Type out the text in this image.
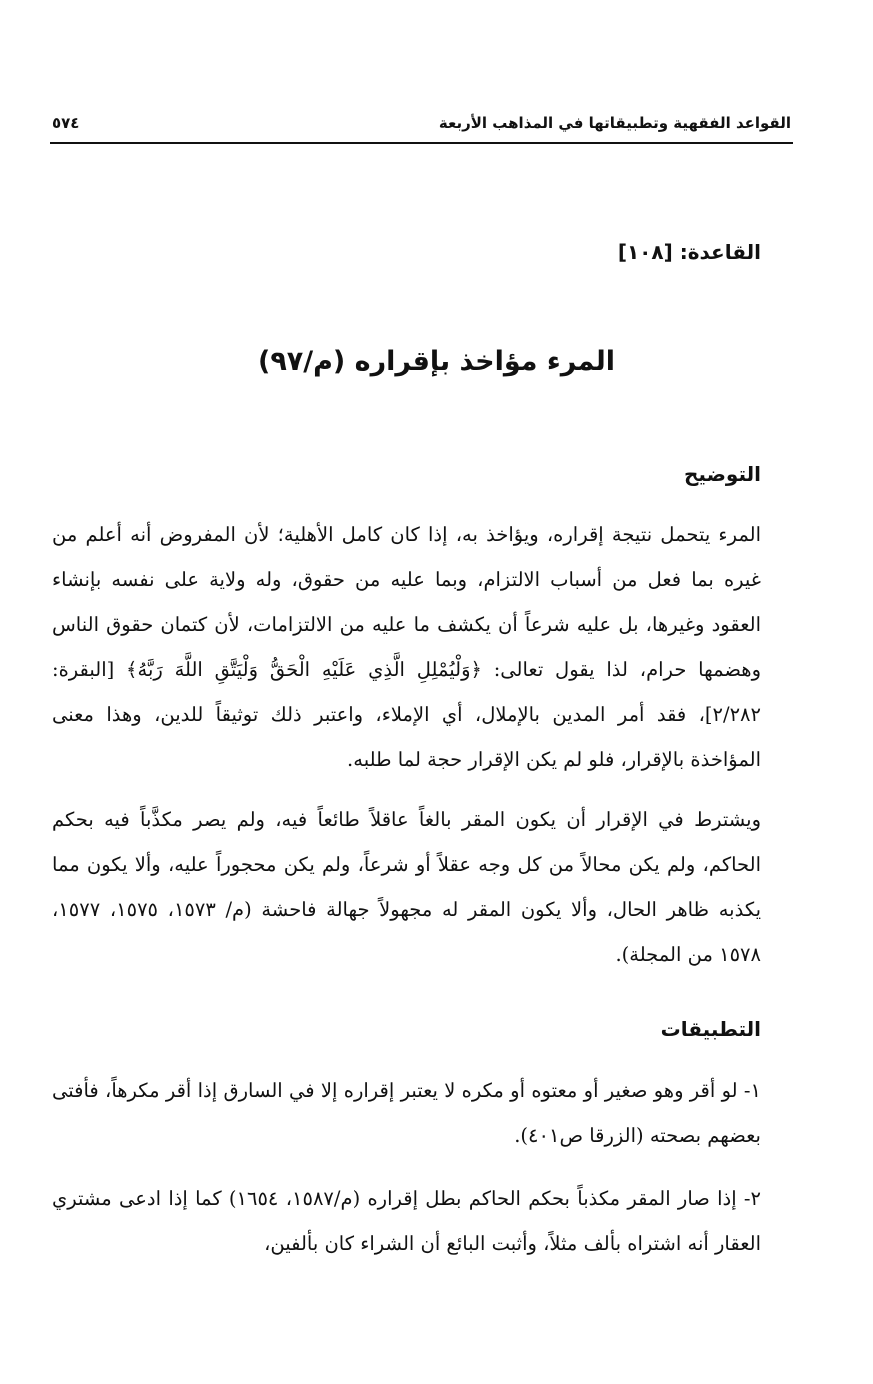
القواعد الفقهية وتطبيقاتها في المذاهب الأربعة
٥٧٤
القاعدة: [١٠٨]
المرء مؤاخذ بإقراره (م/٩٧)
التوضيح

المرء يتحمل نتيجة إقراره، ويؤاخذ به، إذا كان كامل الأهلية؛ لأن المفروض أنه أعلم من غيره بما فعل من أسباب الالتزام، وبما عليه من حقوق، وله ولاية على نفسه بإنشاء العقود وغيرها، بل عليه شرعاً أن يكشف ما عليه من الالتزامات، لأن كتمان حقوق الناس وهضمها حرام، لذا يقول تعالى: ﴿وَلْيُمْلِلِ الَّذِي عَلَيْهِ الْحَقُّ وَلْيَتَّقِ اللَّهَ رَبَّهُ﴾ [البقرة: ٢/٢٨٢]، فقد أمر المدين بالإملال، أي الإملاء، واعتبر ذلك توثيقاً للدين، وهذا معنى المؤاخذة بالإقرار، فلو لم يكن الإقرار حجة لما طلبه.

ويشترط في الإقرار أن يكون المقر بالغاً عاقلاً طائعاً فيه، ولم يصر مكذَّباً فيه بحكم الحاكم، ولم يكن محالاً من كل وجه عقلاً أو شرعاً، ولم يكن محجوراً عليه، وألا يكون مما يكذبه ظاهر الحال، وألا يكون المقر له مجهولاً جهالة فاحشة (م/ ١٥٧٣، ١٥٧٥، ١٥٧٧، ١٥٧٨ من المجلة).

التطبيقات

١- لو أقر وهو صغير أو معتوه أو مكره لا يعتبر إقراره إلا في السارق إذا أقر مكرهاً، فأفتى بعضهم بصحته (الزرقا ص٤٠١).

٢- إذا صار المقر مكذباً بحكم الحاكم بطل إقراره (م/١٥٨٧، ١٦٥٤) كما إذا ادعى مشتري العقار أنه اشتراه بألف مثلاً، وأثبت البائع أن الشراء كان بألفين،
